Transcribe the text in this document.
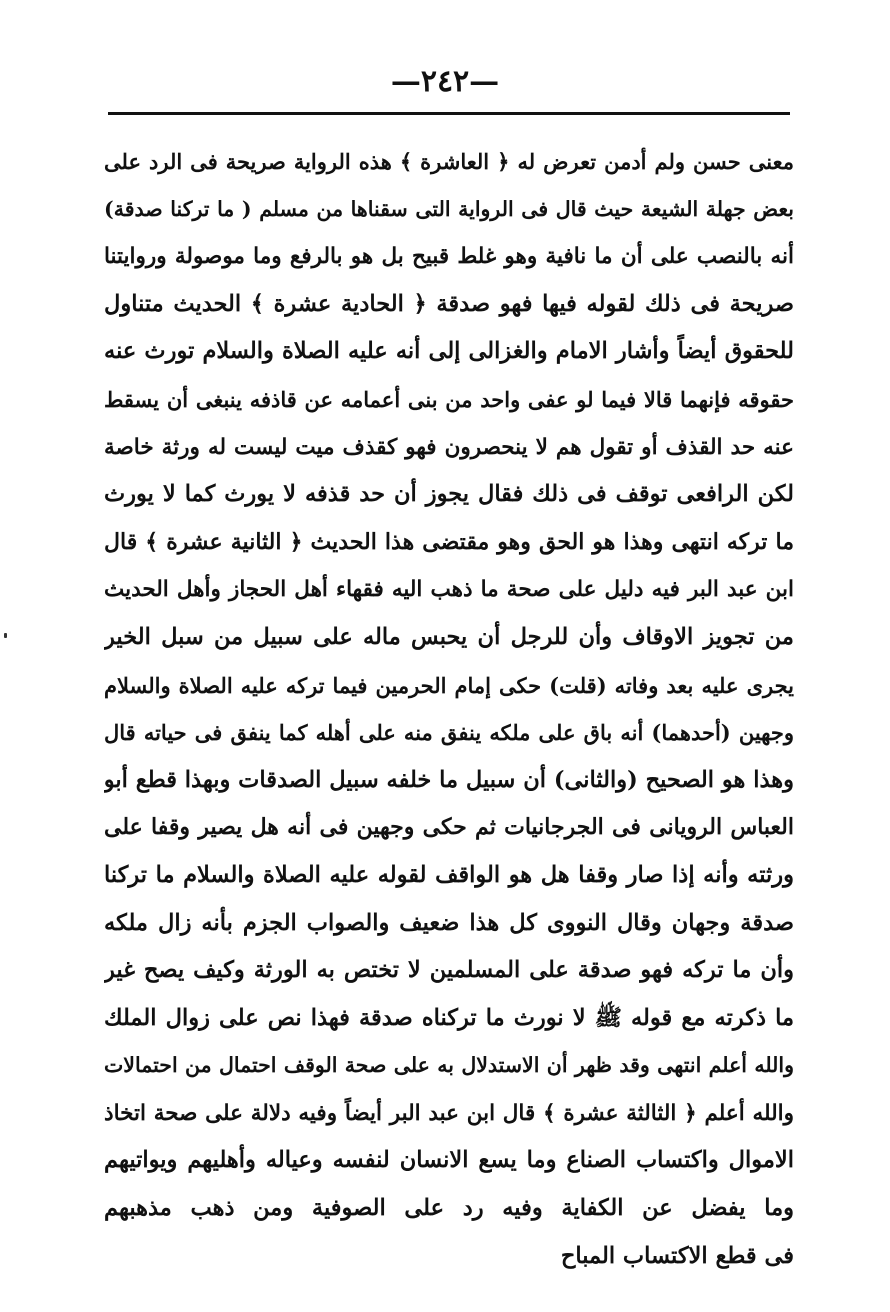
—٢٤٢—
معنى حسن ولم أدمن تعرض له ﴿ العاشرة ﴾ هذه الرواية صريحة فى الرد على
بعض جهلة الشيعة حيث قال فى الرواية التى سقناها من مسلم ( ما تركنا صدقة)
أنه بالنصب على أن ما نافية وهو غلط قبيح بل هو بالرفع وما موصولة وروايتنا
صريحة فى ذلك لقوله فيها فهو صدقة ﴿ الحادية عشرة ﴾ الحديث متناول
للحقوق أيضاً وأشار الامام والغزالى إلى أنه عليه الصلاة والسلام تورث عنه
حقوقه فإنهما قالا فيما لو عفى واحد من بنى أعمامه عن قاذفه ينبغى أن يسقط
عنه حد القذف أو تقول هم لا ينحصرون فهو كقذف ميت ليست له ورثة خاصة
لكن الرافعى توقف فى ذلك فقال يجوز أن حد قذفه لا يورث كما لا يورث
ما تركه انتهى وهذا هو الحق وهو مقتضى هذا الحديث ﴿ الثانية عشرة ﴾ قال
ابن عبد البر فيه دليل على صحة ما ذهب اليه فقهاء أهل الحجاز وأهل الحديث
من تجويز الاوقاف وأن للرجل أن يحبس ماله على سبيل من سبل الخير
يجرى عليه بعد وفاته (قلت) حكى إمام الحرمين فيما تركه عليه الصلاة والسلام
وجهين (أحدهما) أنه باق على ملكه ينفق منه على أهله كما ينفق فى حياته قال
وهذا هو الصحيح (والثانى) أن سبيل ما خلفه سبيل الصدقات وبهذا قطع أبو
العباس الرويانى فى الجرجانيات ثم حكى وجهين فى أنه هل يصير وقفا على
ورثته وأنه إذا صار وقفا هل هو الواقف لقوله عليه الصلاة والسلام ما تركنا
صدقة وجهان وقال النووى كل هذا ضعيف والصواب الجزم بأنه زال ملكه
وأن ما تركه فهو صدقة على المسلمين لا تختص به الورثة وكيف يصح غير
ما ذكرته مع قوله ﷺ لا نورث ما تركناه صدقة فهذا نص على زوال الملك
والله أعلم انتهى وقد ظهر أن الاستدلال به على صحة الوقف احتمال من احتمالات
والله أعلم ﴿ الثالثة عشرة ﴾ قال ابن عبد البر أيضاً وفيه دلالة على صحة اتخاذ
الاموال واكتساب الصناع وما يسع الانسان لنفسه وعياله وأهليهم ويواتيهم
وما يفضل عن الكفاية وفيه رد على الصوفية ومن ذهب مذهبهم
فى قطع الاكتساب المباح
